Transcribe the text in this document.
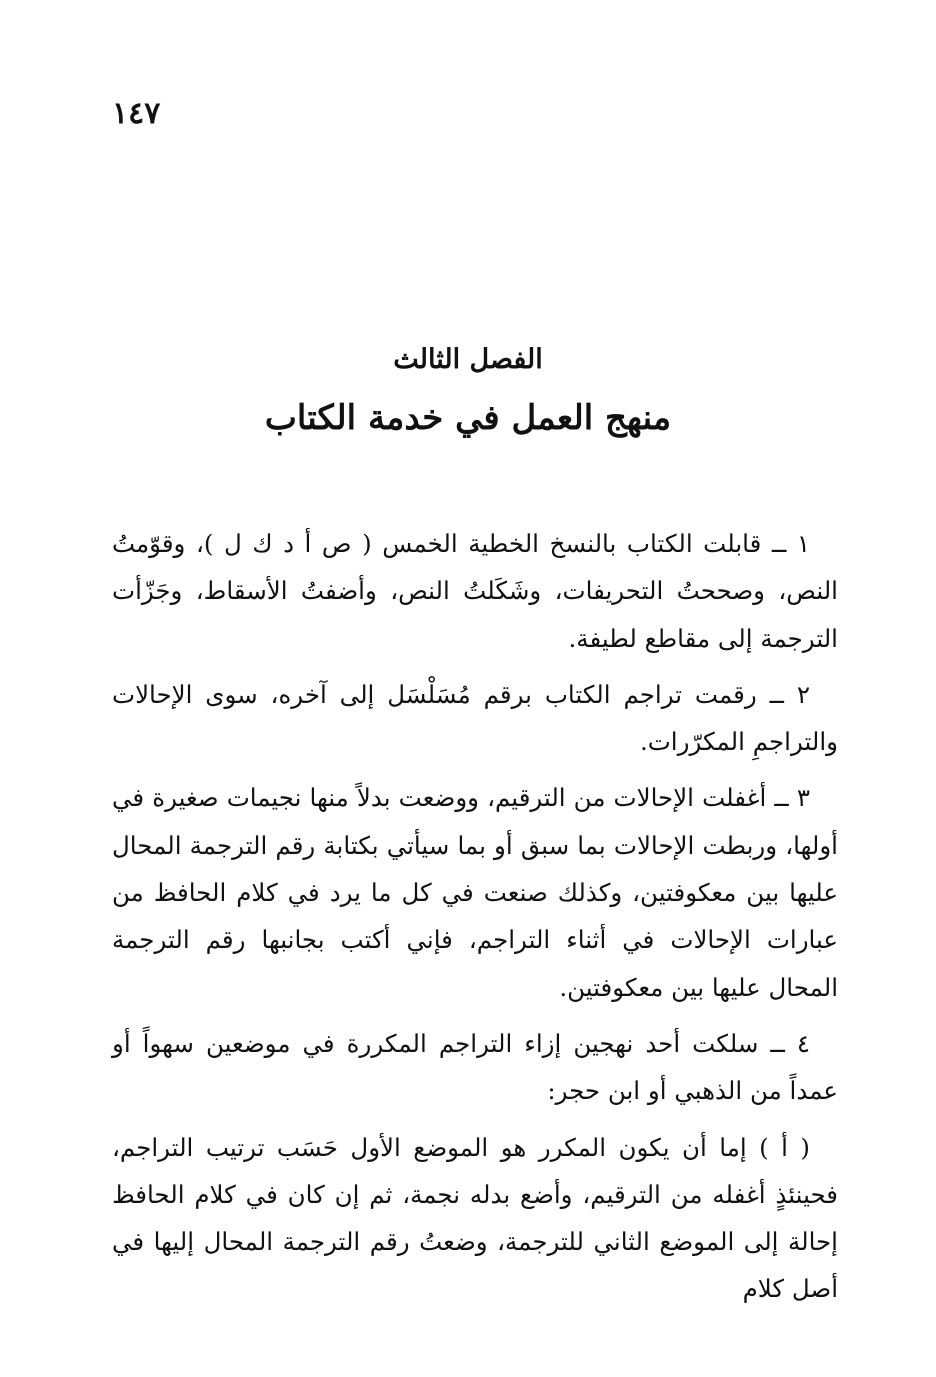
١٤٧
الفصل الثالث
منهج العمل في خدمة الكتاب

١ ــ قابلت الكتاب بالنسخ الخطية الخمس ( ص أ د ك ل )، وقوّمتُ النص، وصححتُ التحريفات، وشَكَلتُ النص، وأضفتُ الأسقاط، وجَزّأت الترجمة إلى مقاطع لطيفة.

٢ ــ رقمت تراجم الكتاب برقم مُسَلْسَل إلى آخره، سوى الإحالات والتراجمِ المكرّرات.

٣ ــ أغفلت الإحالات من الترقيم، ووضعت بدلاً منها نجيمات صغيرة في أولها، وربطت الإحالات بما سبق أو بما سيأتي بكتابة رقم الترجمة المحال عليها بين معكوفتين، وكذلك صنعت في كل ما يرد في كلام الحافظ من عبارات الإحالات في أثناء التراجم، فإني أكتب بجانبها رقم الترجمة المحال عليها بين معكوفتين.

٤ ــ سلكت أحد نهجين إزاء التراجم المكررة في موضعين سهواً أو عمداً من الذهبي أو ابن حجر:

( أ ) إما أن يكون المكرر هو الموضع الأول حَسَب ترتيب التراجم، فحينئذٍ أغفله من الترقيم، وأضع بدله نجمة، ثم إن كان في كلام الحافظ إحالة إلى الموضع الثاني للترجمة، وضعتُ رقم الترجمة المحال إليها في أصل كلام
